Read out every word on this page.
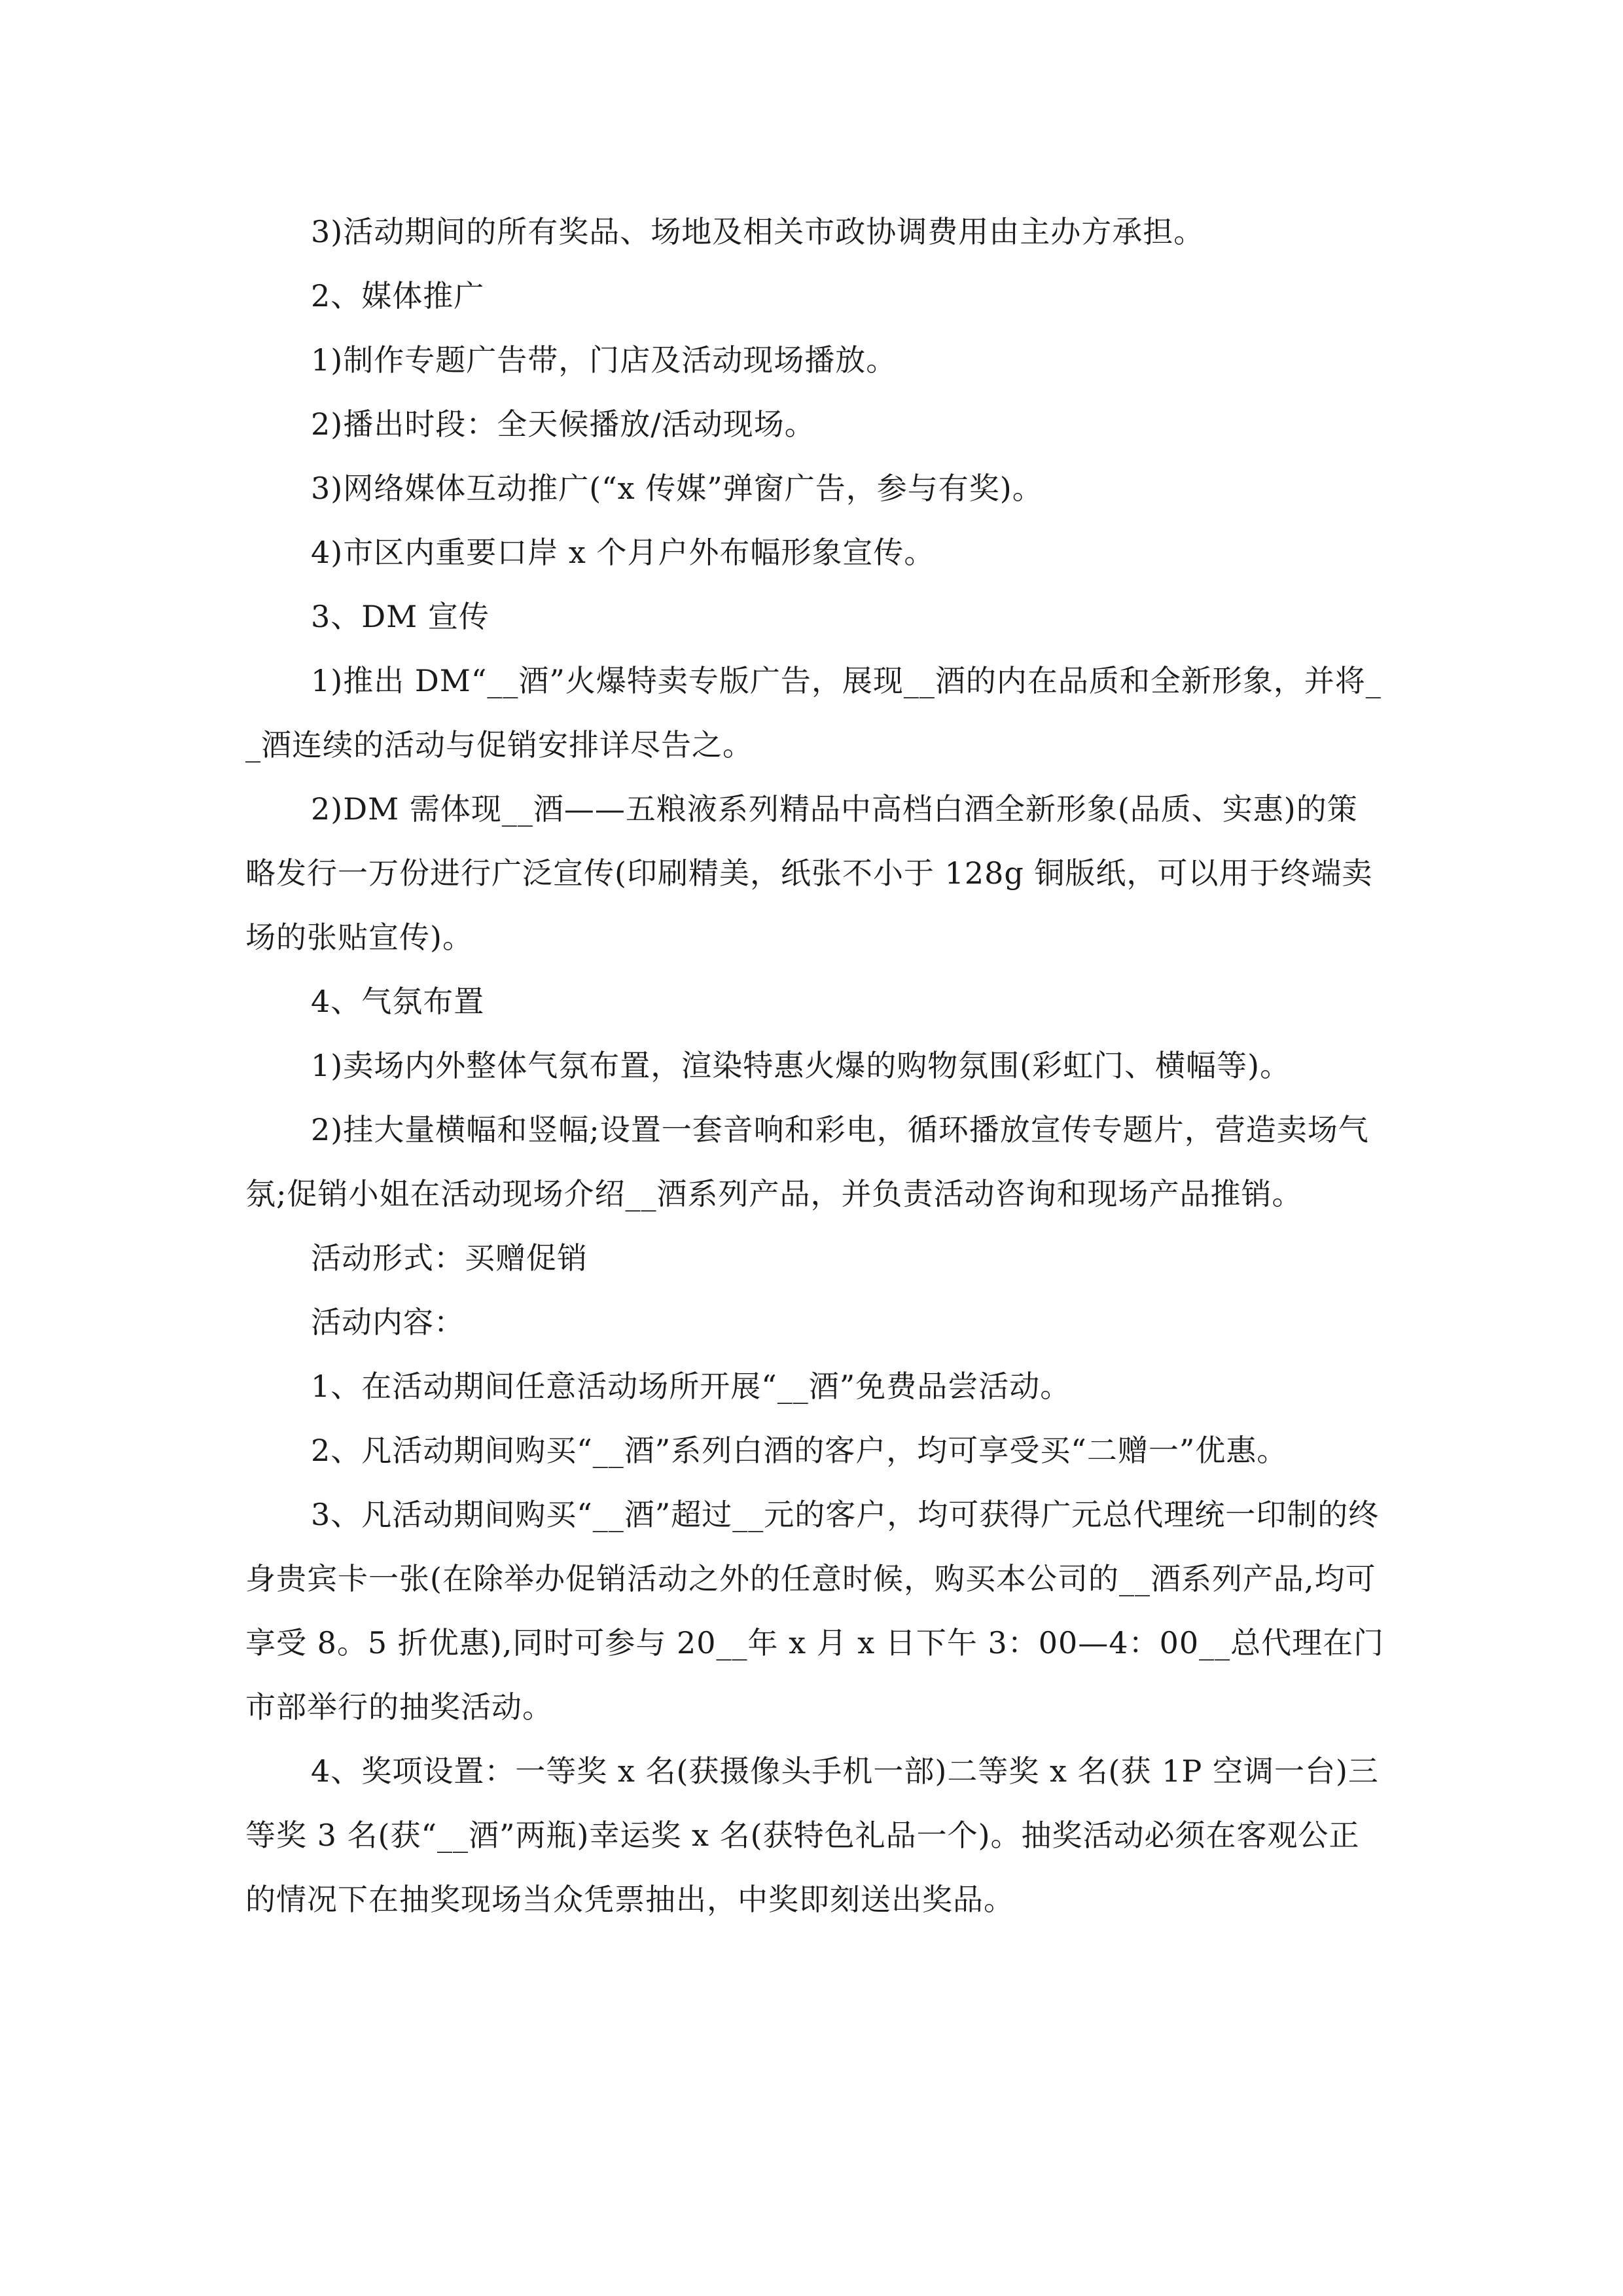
3)活动期间的所有奖品、场地及相关市政协调费用由主办方承担。

2、媒体推广

1)制作专题广告带，门店及活动现场播放。

2)播出时段：全天候播放/活动现场。

3)网络媒体互动推广(“x 传媒”弹窗广告，参与有奖)。

4)市区内重要口岸 x 个月户外布幅形象宣传。

3、DM 宣传

1)推出 DM“__酒”火爆特卖专版广告，展现__酒的内在品质和全新形象，并将__酒连续的活动与促销安排详尽告之。

2)DM 需体现__酒——五粮液系列精品中高档白酒全新形象(品质、实惠)的策略发行一万份进行广泛宣传(印刷精美，纸张不小于 128g 铜版纸，可以用于终端卖场的张贴宣传)。

4、气氛布置

1)卖场内外整体气氛布置，渲染特惠火爆的购物氛围(彩虹门、横幅等)。

2)挂大量横幅和竖幅;设置一套音响和彩电，循环播放宣传专题片，营造卖场气氛;促销小姐在活动现场介绍__酒系列产品，并负责活动咨询和现场产品推销。

活动形式：买赠促销

活动内容：

1、在活动期间任意活动场所开展“__酒”免费品尝活动。

2、凡活动期间购买“__酒”系列白酒的客户，均可享受买“二赠一”优惠。

3、凡活动期间购买“__酒”超过__元的客户，均可获得广元总代理统一印制的终身贵宾卡一张(在除举办促销活动之外的任意时候，购买本公司的__酒系列产品,均可享受 8。5 折优惠),同时可参与 20__年 x 月 x 日下午 3：00—4：00__总代理在门市部举行的抽奖活动。

4、奖项设置：一等奖 x 名(获摄像头手机一部)二等奖 x 名(获 1P 空调一台)三等奖 3 名(获“__酒”两瓶)幸运奖 x 名(获特色礼品一个)。抽奖活动必须在客观公正的情况下在抽奖现场当众凭票抽出，中奖即刻送出奖品。
